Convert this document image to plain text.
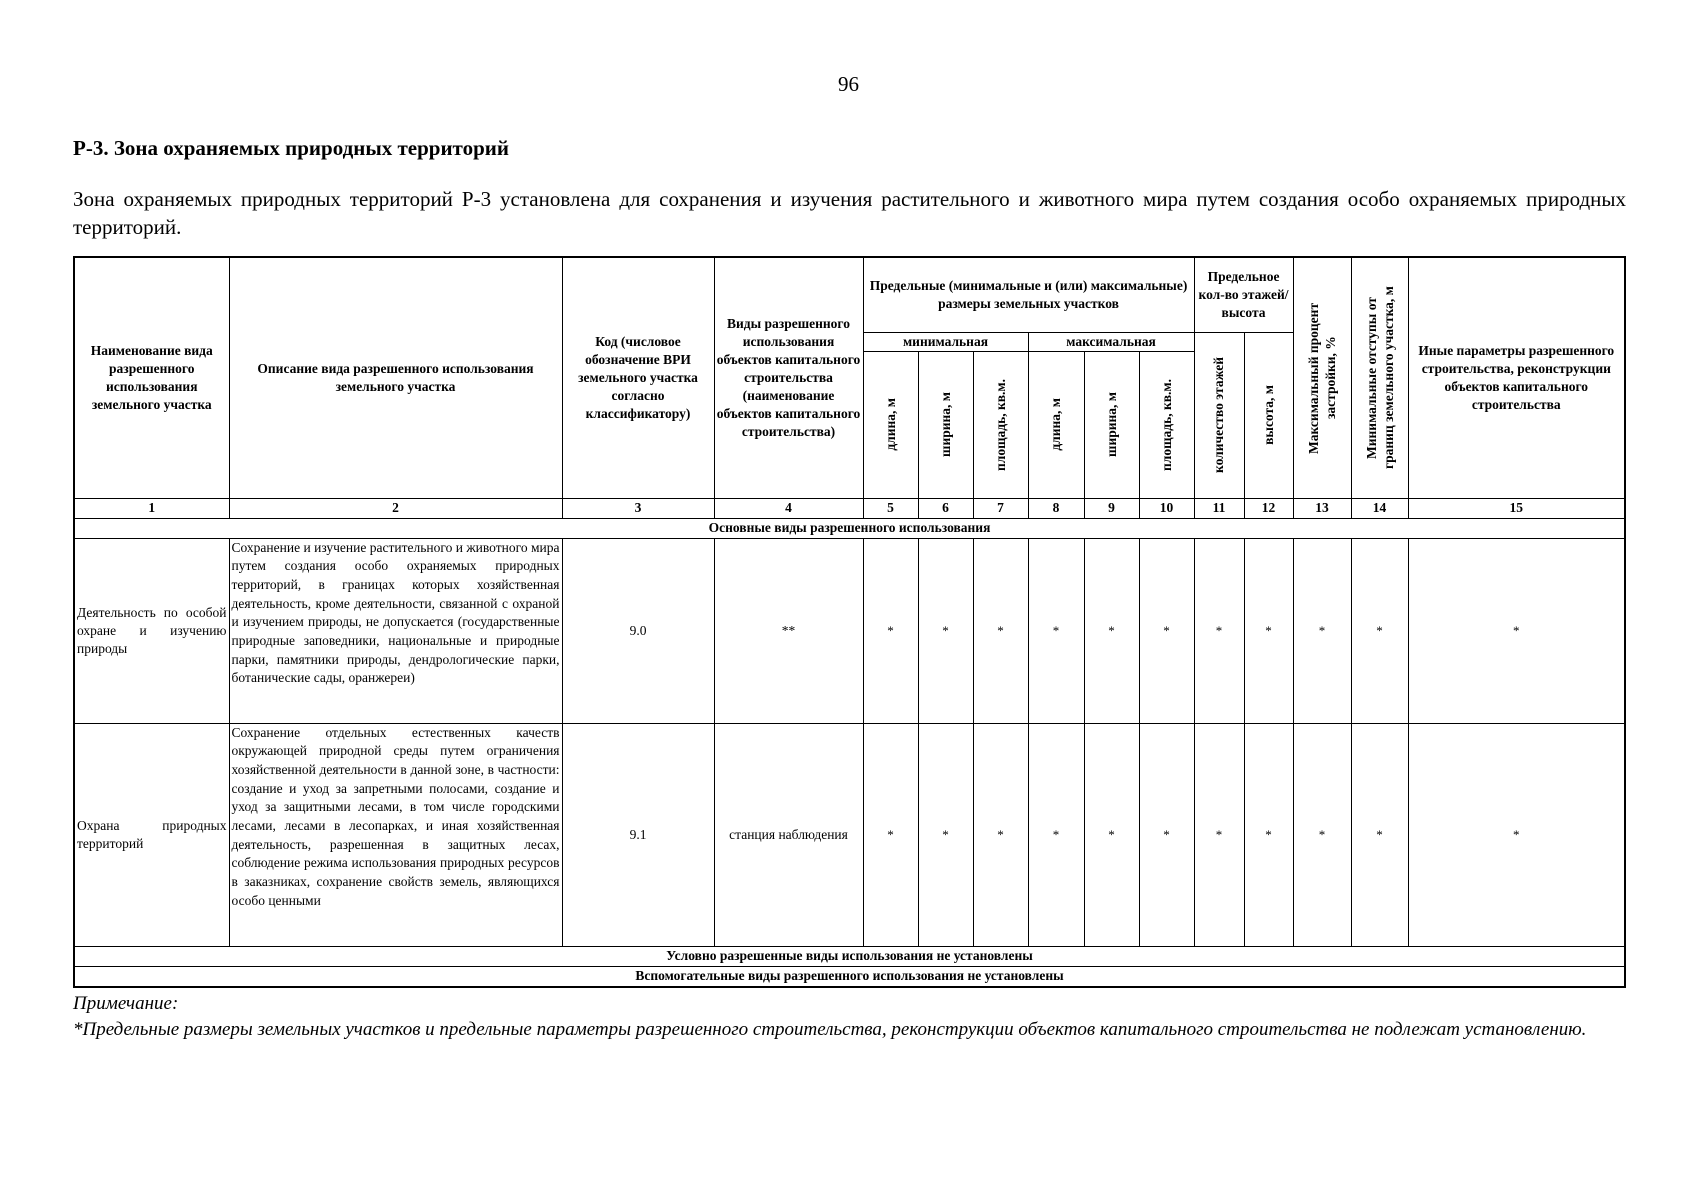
96
Р-3. Зона охраняемых природных территорий
Зона охраняемых природных территорий Р-3 установлена для сохранения и изучения растительного и животного мира путем создания особо охраняемых природных территорий.
Наименование вида разрешенного использования земельного участка	Описание вида разрешенного использования земельного участка	Код (числовое обозначение ВРИ земельного участка согласно классификатору)	Виды разрешенного использования объектов капитального строительства (наименование объектов капитального строительства)	Предельные (минимальные и (или) максимальные) размеры земельных участков						Предельное кол-во этажей/ высота		Максимальный процент застройки, %	Минимальные отступы от границ земельного участка, м	Иные параметры разрешенного строительства, реконструкции объектов капитального строительства
				минимальная			максимальная			количество этажей	высота, м			

				длина, м	ширина, м	площадь, кв.м.	длина, м	ширина, м	площадь, кв.м.					

1	2	3	4	5	6	7	8	9	10	11	12	13	14	15
Основные виды разрешенного использования														
Деятельность по особой охране и изучению природы	Сохранение и изучение растительного и животного мира путем создания особо охраняемых природных территорий, в границах которых хозяйственная деятельность, кроме деятельности, связанной с охраной и изучением природы, не допускается (государственные природные заповедники, национальные и природные парки, памятники природы, дендрологические парки, ботанические сады, оранжереи)	9.0	**	*	*	*	*	*	*	*	*	*	*	*
Охрана природных территорий	Сохранение отдельных естественных качеств окружающей природной среды путем ограничения хозяйственной деятельности в данной зоне, в частности: создание и уход за запретными полосами, создание и уход за защитными лесами, в том числе городскими лесами, лесами в лесопарках, и иная хозяйственная деятельность, разрешенная в защитных лесах, соблюдение режима использования природных ресурсов в заказниках, сохранение свойств земель, являющихся особо ценными	9.1	станция наблюдения	*	*	*	*	*	*	*	*	*	*	*
Условно разрешенные виды использования не установлены														
Вспомогательные виды разрешенного использования не установлены														
Примечание:
*Предельные размеры земельных участков и предельные параметры разрешенного строительства, реконструкции объектов капитального строительства не подлежат установлению.
